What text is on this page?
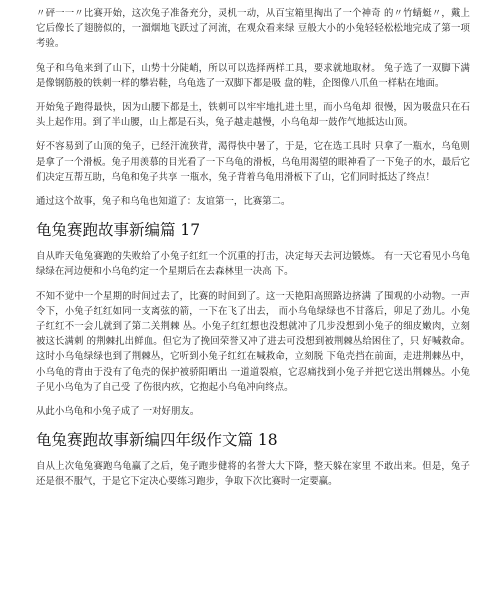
〃砰一一〃比赛开始，这次兔子准备充分，灵机一动，从百宝箱里掏出了一个神奇 的〃竹蜻蜓〃，戴上它后像长了翅膀似的，一溜烟地飞跃过了河流，在观众看来绿 豆般大小的小兔轻轻松松地完成了第一项考验。

兔子和乌龟来到了山下，山势十分陡峭，所以可以选择两样工具，要求就地取材。 兔子选了一双脚下满是像钢筋般的铁刺一样的攀岩鞋，乌龟选了一双脚下都是吸 盘的鞋，企图像八爪鱼一样粘在地面。

开始兔子跑得最快，因为山腰下都是土，铁刺可以牢牢地扎进土里，而小乌龟却 很慢，因为吸盘只在石头上起作用。到了半山腰，山上都是石头，兔子越走越慢，小乌龟却一鼓作气地抵达山顶。

好不容易到了山顶的兔子，已经汗流狭背，渴得快中暑了，于是，它在选工具时 只拿了一瓶水，乌龟则是拿了一个滑板。兔子用羡慕的目光看了一下乌龟的滑板，乌龟用渴望的眼神看了一下兔子的水，最后它们决定互帮互助，乌龟和兔子共享 一瓶水，兔子背着乌龟用滑板下了山，它们同时抵达了终点！

通过这个故事，兔子和乌龟也知道了：友谊第一，比赛第二。

龟兔赛跑故事新编篇 17

自从昨天龟兔赛跑的失败给了小兔子红红一个沉重的打击，决定每天去河边锻炼。 有一天它看见小乌龟绿绿在河边便和小乌龟约定一个星期后在去森林里一决高 下。

不知不觉中一个星期的时间过去了，比赛的时间到了。这一天艳阳高照路边挤满 了围观的小动物。一声令下，小兔子红红如同一支离弦的箭，一下在飞了出去， 而小乌龟绿绿也不甘落后，卯足了劲儿。小兔子红红不一会儿就到了第二关荆棘 丛。小兔子红红想也没想就冲了几步没想到小兔子的细皮嫩肉，立刻被这长满刺 的荆棘扎出鲜血。但它为了挽回荣誉又冲了进去可没想到被荆棘丛给困住了，只 好喊救命。这时小乌龟绿绿也到了荆棘丛，它听到小兔子红红在喊救命，立刻脱 下龟壳挡在前面，走进荆棘丛中，小乌龟的背由于没有了龟壳的保护被骄阳晒出 一道道裂痕，它忍痛找到小兔子并把它送出荆棘丛。小兔子见小乌龟为了自己受 了伤很内疚，它抱起小乌龟冲向终点。

从此小乌龟和小兔子成了 一对好朋友。

龟兔赛跑故事新编四年级作文篇 18

自从上次龟兔赛跑乌龟赢了之后，兔子跑步健将的名誉大大下降，整天躲在家里 不敢出来。但是，兔子还是很不服气，于是它下定决心要练习跑步，争取下次比赛时一定要赢。
